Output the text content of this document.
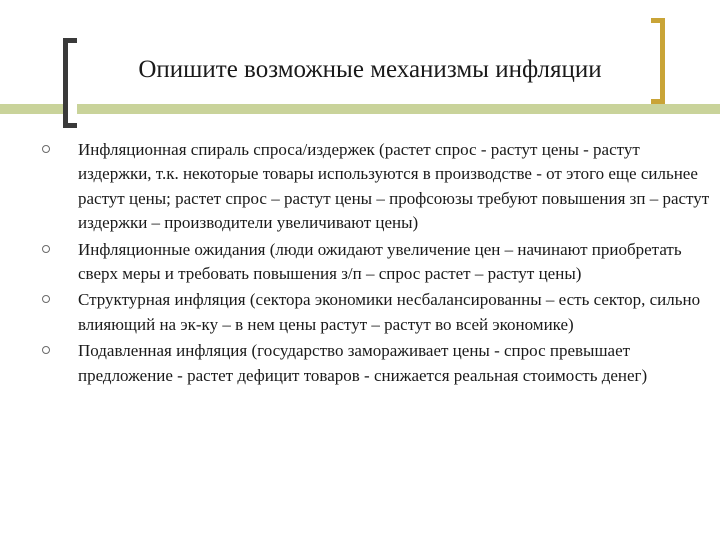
Опишите возможные механизмы инфляции
Инфляционная спираль спроса/издержек (растет спрос - растут цены - растут издержки, т.к. некоторые товары используются в производстве - от этого еще сильнее растут цены; растет спрос – растут цены – профсоюзы требуют повышения зп – растут издержки – производители увеличивают цены)
Инфляционные ожидания (люди ожидают увеличение цен – начинают приобретать сверх меры и требовать повышения з/п – спрос растет – растут цены)
Структурная инфляция (сектора экономики несбалансированны – есть сектор, сильно влияющий на эк-ку – в нем цены растут – растут во всей экономике)
Подавленная инфляция (государство замораживает цены - спрос превышает предложение - растет дефицит товаров - снижается реальная стоимость денег)
